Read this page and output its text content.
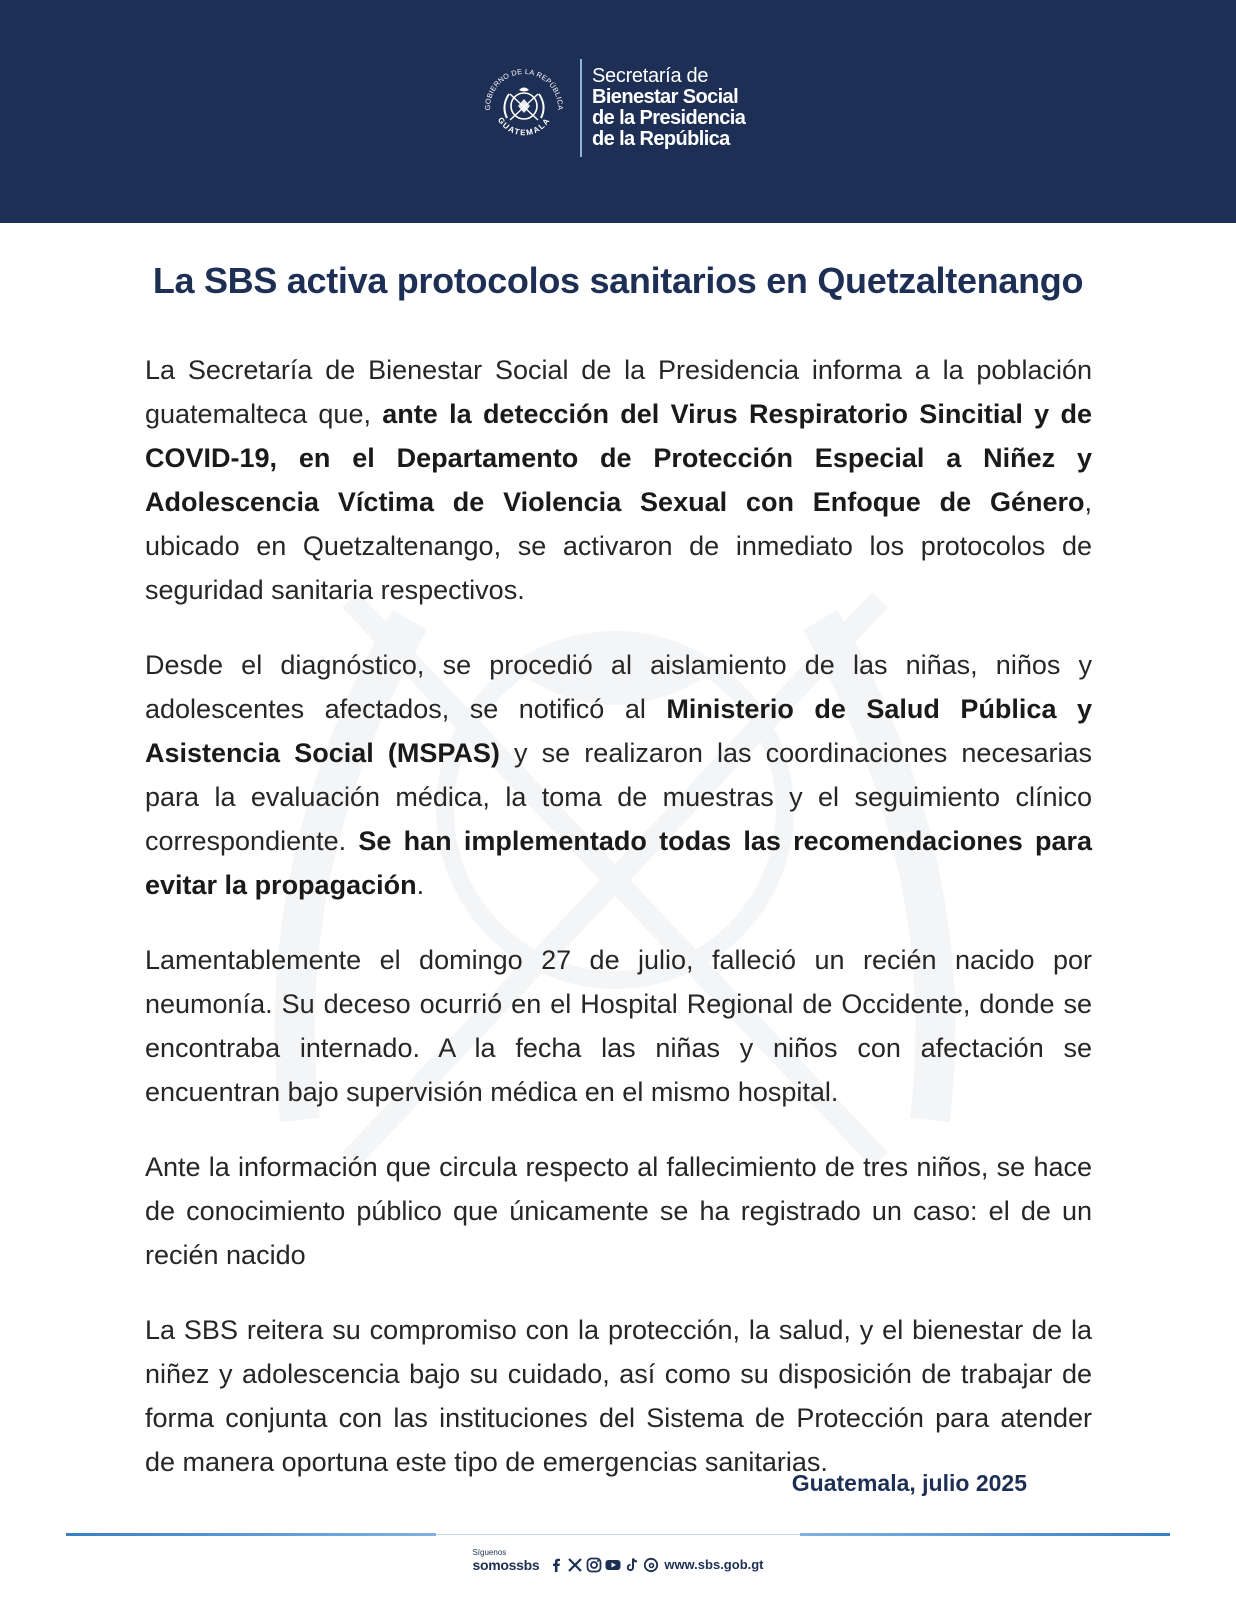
GOBIERNO DE LA REPÚBLICA
GUATEMALA
Secretaría de
Bienestar Social
de la Presidencia
de la República
La SBS activa protocolos sanitarios en Quetzaltenango

La Secretaría de Bienestar Social de la Presidencia informa a la población guatemalteca que, ante la detección del Virus Respiratorio Sincitial y de COVID-19, en el Departamento de Protección Especial a Niñez y Adolescencia Víctima de Violencia Sexual con Enfoque de Género, ubicado en Quetzaltenango, se activaron de inmediato los protocolos de seguridad sanitaria respectivos.

Desde el diagnóstico, se procedió al aislamiento de las niñas, niños y adolescentes afectados, se notificó al Ministerio de Salud Pública y Asistencia Social (MSPAS) y se realizaron las coordinaciones necesarias para la evaluación médica, la toma de muestras y el seguimiento clínico correspondiente. Se han implementado todas las recomendaciones para evitar la propagación.

Lamentablemente el domingo 27 de julio, falleció un recién nacido por neumonía. Su deceso ocurrió en el Hospital Regional de Occidente, donde se encontraba internado. A la fecha las niñas y niños con afectación se encuentran bajo supervisión médica en el mismo hospital.

Ante la información que circula respecto al fallecimiento de tres niños, se hace de conocimiento público que únicamente se ha registrado un caso: el de un recién nacido

La SBS reitera su compromiso con la protección, la salud, y el bienestar de la niñez y adolescencia bajo su cuidado, así como su disposición de trabajar de forma conjunta con las instituciones del Sistema de Protección para atender de manera oportuna este tipo de emergencias sanitarias.

Guatemala, julio 2025
Síguenos
somossbs	www.sbs.gob.gt
